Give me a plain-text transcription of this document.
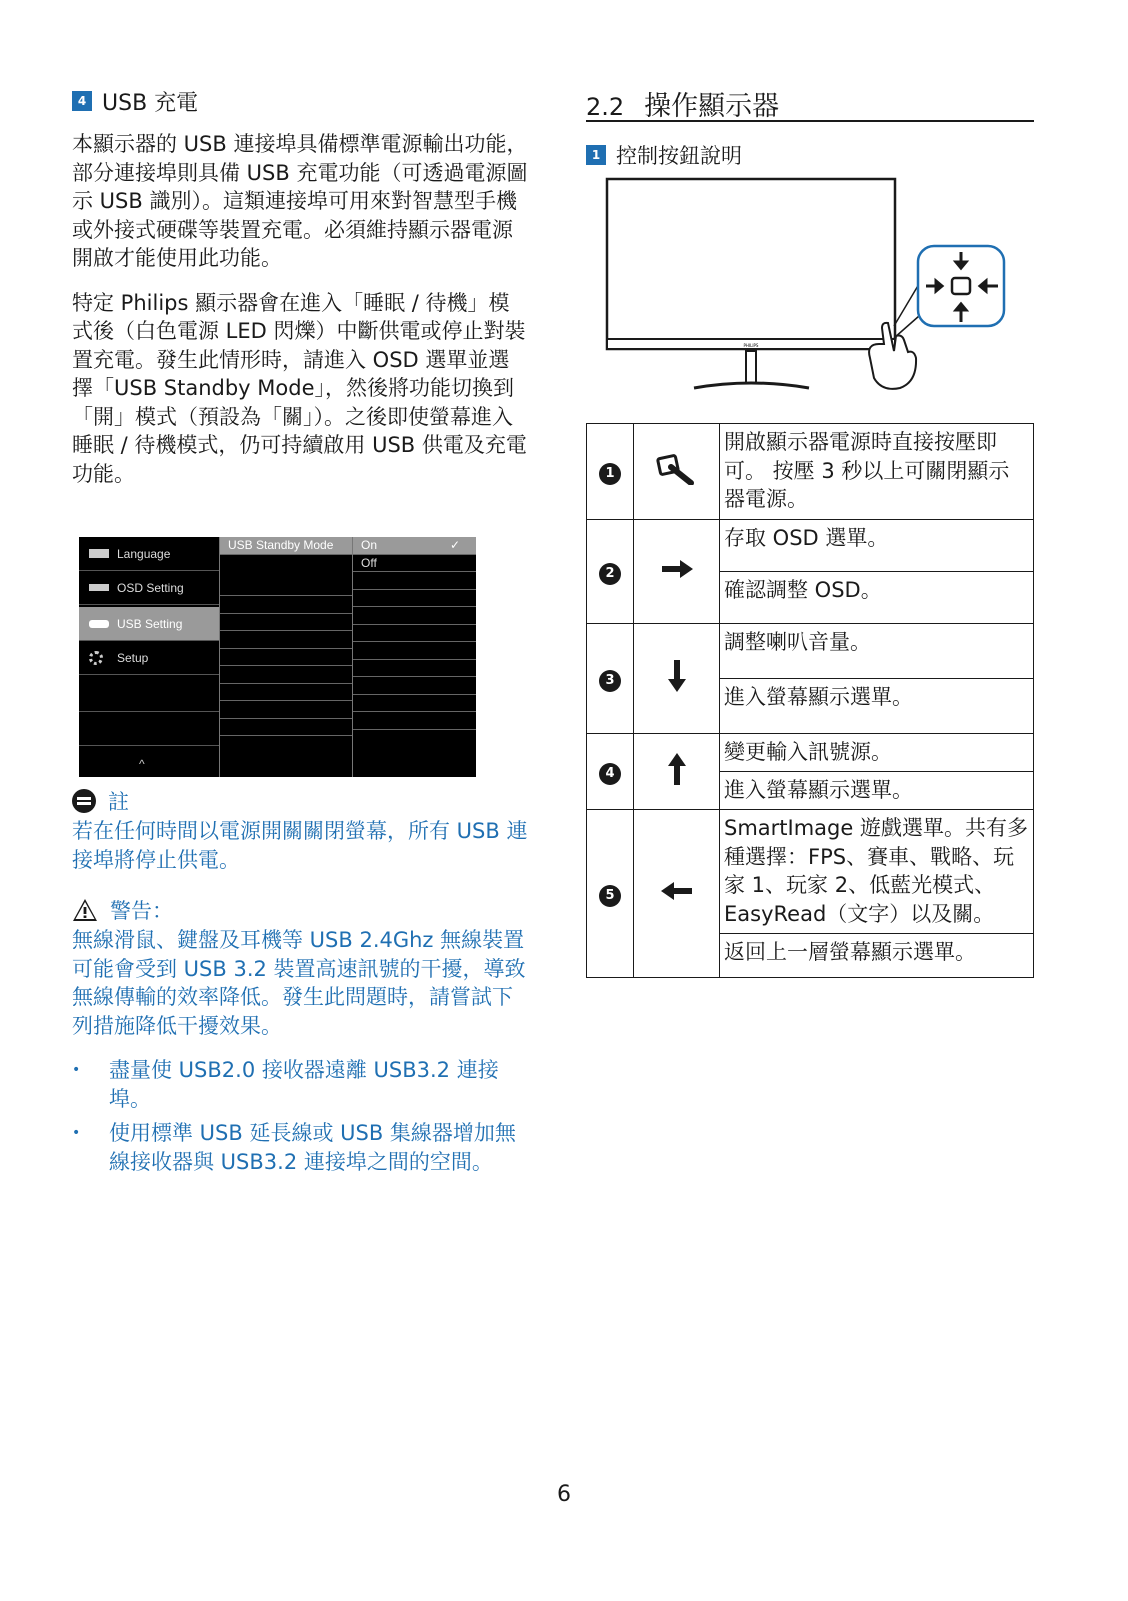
4 USB 充電

本顯示器的 USB 連接埠具備標準電源輸出功能，部分連接埠則具備 USB 充電功能（可透過電源圖示 USB 識別）。這類連接埠可用來對智慧型手機或外接式硬碟等裝置充電。必須維持顯示器電源開啟才能使用此功能。

特定 Philips 顯示器會在進入「睡眠 / 待機」模式後（白色電源 LED 閃爍）中斷供電或停止對裝置充電。發生此情形時，請進入 OSD 選單並選擇「USB Standby Mode」，然後將功能切換到「開」模式（預設為「關」）。之後即使螢幕進入睡眠 / 待機模式，仍可持續啟用 USB 供電及充電功能。

Language
OSD Setting
USB Setting
Setup
^
USB Standby Mode	On	✓
Off
註

若在任何時間以電源開關關閉螢幕，所有 USB 連接埠將停止供電。

警告：

無線滑鼠、鍵盤及耳機等 USB 2.4Ghz 無線裝置可能會受到 USB 3.2 裝置高速訊號的干擾，導致無線傳輸的效率降低。發生此問題時，請嘗試下列措施降低干擾效果。

• 盡量使 USB2.0 接收器遠離 USB3.2 連接埠。
• 使用標準 USB 延長線或 USB 集線器增加無線接收器與 USB3.2 連接埠之間的空間。
2.2 操作顯示器
1 控制按鈕說明
PHILIPS
1		開啟顯示器電源時直接按壓即可。 按壓 3 秒以上可關閉顯示器電源。
2		存取 OSD 選單。
		確認調整 OSD。
3		調整喇叭音量。
		進入螢幕顯示選單。
4		變更輸入訊號源。
		進入螢幕顯示選單。
5		SmartImage 遊戲選單。共有多種選擇：FPS、賽車、戰略、玩家 1、玩家 2、低藍光模式、EasyRead（文字）以及關。
		返回上一層螢幕顯示選單。
6
